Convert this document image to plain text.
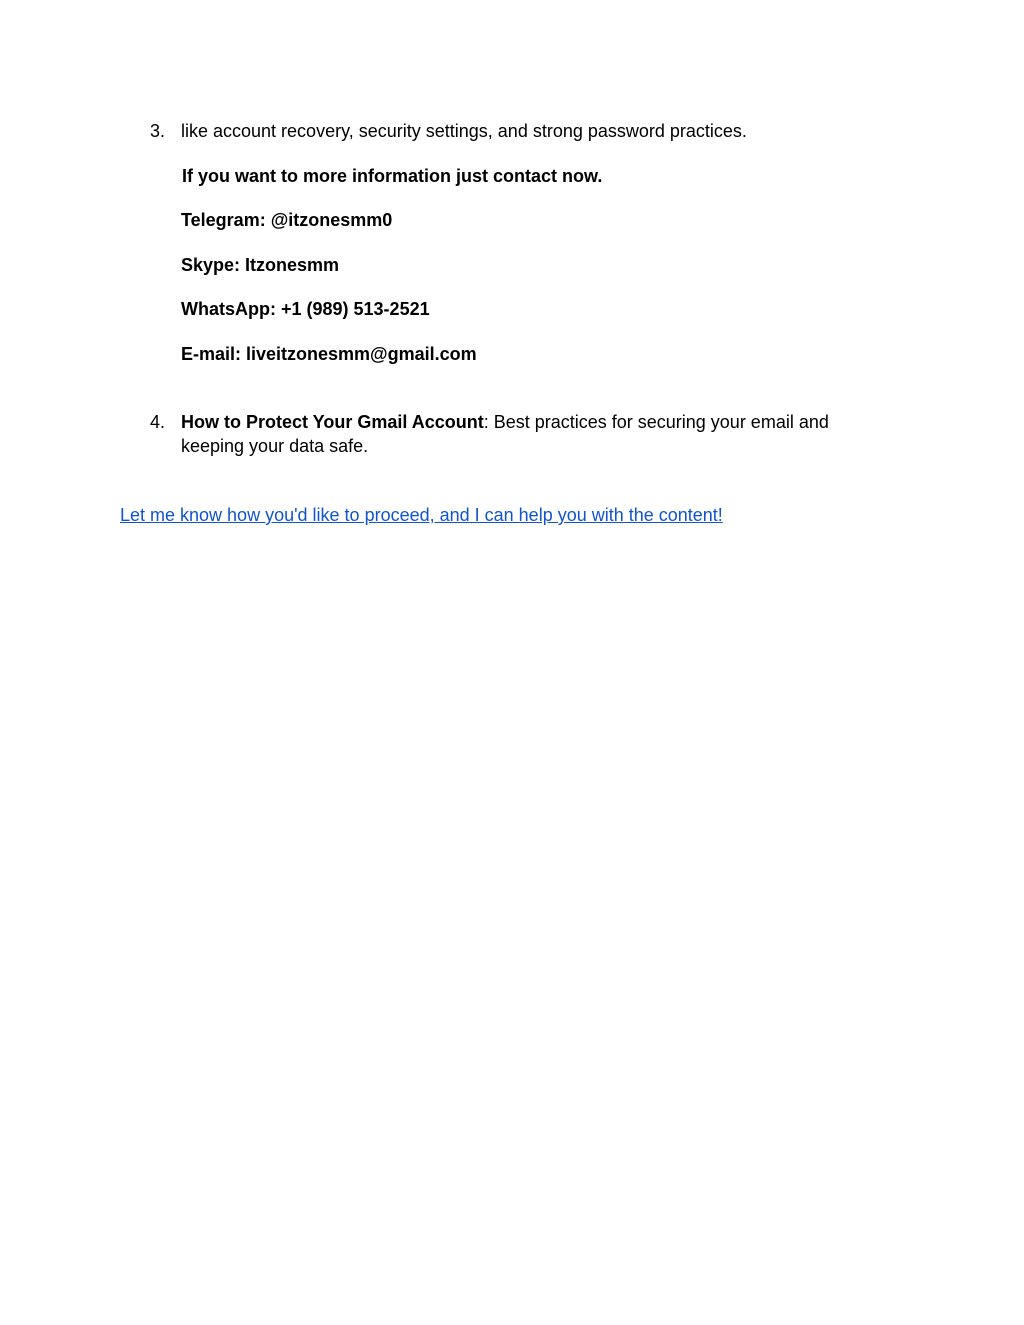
3. like account recovery, security settings, and strong password practices.
If you want to more information just contact now.
Telegram: @itzonesmm0
Skype: Itzonesmm
WhatsApp: +1 (989) 513-2521
E-mail: liveitzonesmm@gmail.com
4. How to Protect Your Gmail Account: Best practices for securing your email and keeping your data safe.
Let me know how you'd like to proceed, and I can help you with the content!
